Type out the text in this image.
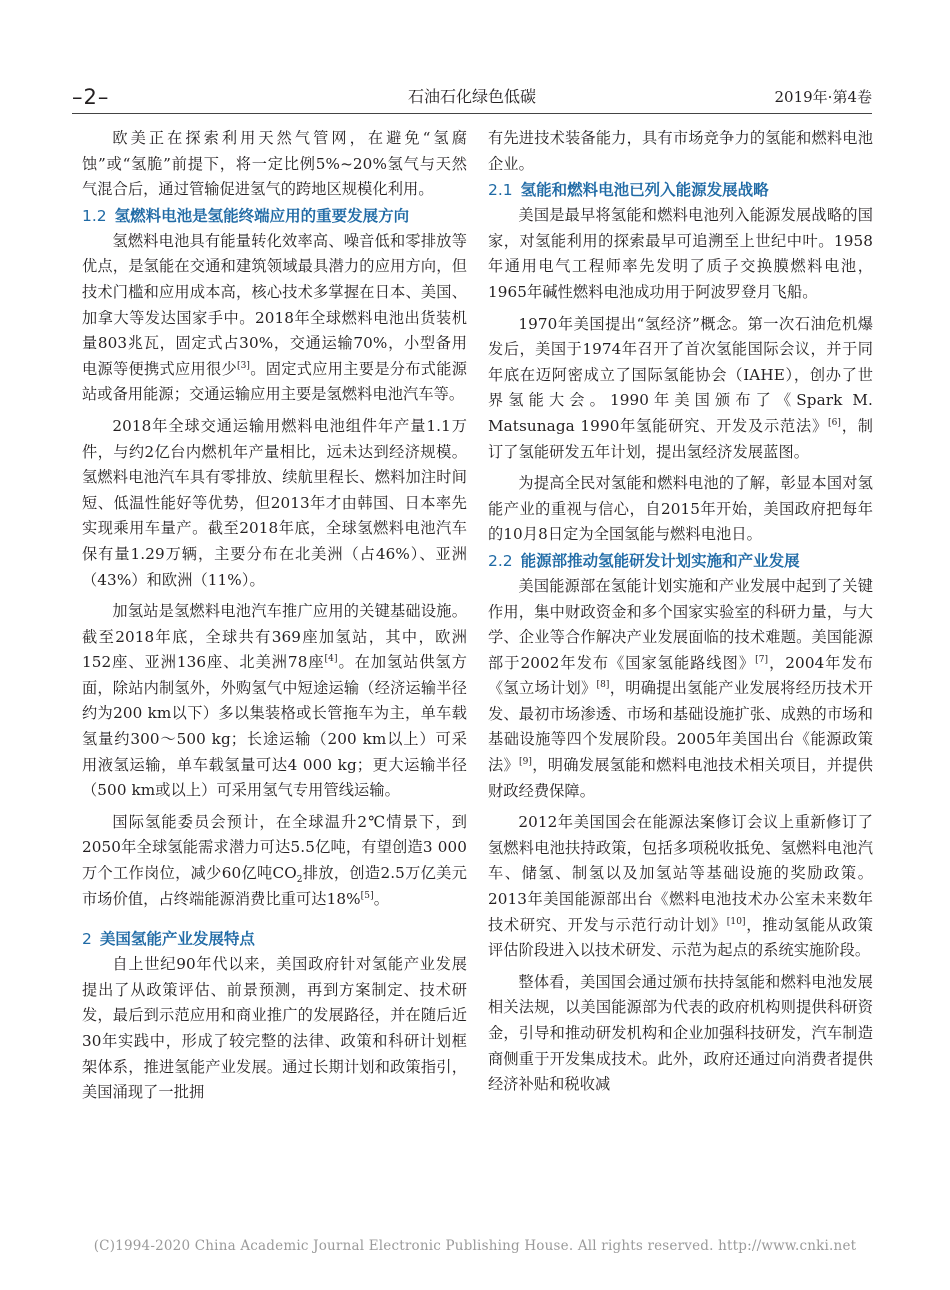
–2–	石油石化绿色低碳	2019年·第4卷

欧美正在探索利用天然气管网，在避免“氢腐蚀”或“氢脆”前提下，将一定比例5%~20%氢气与天然气混合后，通过管输促进氢气的跨地区规模化利用。

1.2 氢燃料电池是氢能终端应用的重要发展方向

氢燃料电池具有能量转化效率高、噪音低和零排放等优点，是氢能在交通和建筑领域最具潜力的应用方向，但技术门槛和应用成本高，核心技术多掌握在日本、美国、加拿大等发达国家手中。2018年全球燃料电池出货装机量803兆瓦，固定式占30%，交通运输70%，小型备用电源等便携式应用很少[3]。固定式应用主要是分布式能源站或备用能源；交通运输应用主要是氢燃料电池汽车等。

2018年全球交通运输用燃料电池组件年产量1.1万件，与约2亿台内燃机年产量相比，远未达到经济规模。氢燃料电池汽车具有零排放、续航里程长、燃料加注时间短、低温性能好等优势，但2013年才由韩国、日本率先实现乘用车量产。截至2018年底，全球氢燃料电池汽车保有量1.29万辆，主要分布在北美洲（占46%）、亚洲（43%）和欧洲（11%）。

加氢站是氢燃料电池汽车推广应用的关键基础设施。截至2018年底，全球共有369座加氢站，其中，欧洲152座、亚洲136座、北美洲78座[4]。在加氢站供氢方面，除站内制氢外，外购氢气中短途运输（经济运输半径约为200 km以下）多以集装格或长管拖车为主，单车载氢量约300～500 kg；长途运输（200 km以上）可采用液氢运输，单车载氢量可达4 000 kg；更大运输半径（500 km或以上）可采用氢气专用管线运输。

国际氢能委员会预计，在全球温升2℃情景下，到2050年全球氢能需求潜力可达5.5亿吨，有望创造3 000万个工作岗位，减少60亿吨$CO_2$排放，创造2.5万亿美元市场价值，占终端能源消费比重可达18%[5]。

2 美国氢能产业发展特点

自上世纪90年代以来，美国政府针对氢能产业发展提出了从政策评估、前景预测，再到方案制定、技术研发，最后到示范应用和商业推广的发展路径，并在随后近30年实践中，形成了较完整的法律、政策和科研计划框架体系，推进氢能产业发展。通过长期计划和政策指引，美国涌现了一批拥

有先进技术装备能力，具有市场竞争力的氢能和燃料电池企业。

2.1 氢能和燃料电池已列入能源发展战略

美国是最早将氢能和燃料电池列入能源发展战略的国家，对氢能利用的探索最早可追溯至上世纪中叶。1958年通用电气工程师率先发明了质子交换膜燃料电池，1965年碱性燃料电池成功用于阿波罗登月飞船。

1970年美国提出“氢经济”概念。第一次石油危机爆发后，美国于1974年召开了首次氢能国际会议，并于同年底在迈阿密成立了国际氢能协会（IAHE），创办了世界氢能大会。1990年美国颁布了《Spark M. Matsunaga 1990年氢能研究、开发及示范法》[6]，制订了氢能研发五年计划，提出氢经济发展蓝图。

为提高全民对氢能和燃料电池的了解，彰显本国对氢能产业的重视与信心，自2015年开始，美国政府把每年的10月8日定为全国氢能与燃料电池日。

2.2 能源部推动氢能研发计划实施和产业发展

美国能源部在氢能计划实施和产业发展中起到了关键作用，集中财政资金和多个国家实验室的科研力量，与大学、企业等合作解决产业发展面临的技术难题。美国能源部于2002年发布《国家氢能路线图》[7]，2004年发布《氢立场计划》[8]，明确提出氢能产业发展将经历技术开发、最初市场渗透、市场和基础设施扩张、成熟的市场和基础设施等四个发展阶段。2005年美国出台《能源政策法》[9]，明确发展氢能和燃料电池技术相关项目，并提供财政经费保障。

2012年美国国会在能源法案修订会议上重新修订了氢燃料电池扶持政策，包括多项税收抵免、氢燃料电池汽车、储氢、制氢以及加氢站等基础设施的奖励政策。2013年美国能源部出台《燃料电池技术办公室未来数年技术研究、开发与示范行动计划》[10]，推动氢能从政策评估阶段进入以技术研发、示范为起点的系统实施阶段。

整体看，美国国会通过颁布扶持氢能和燃料电池发展相关法规，以美国能源部为代表的政府机构则提供科研资金，引导和推动研发机构和企业加强科技研发，汽车制造商侧重于开发集成技术。此外，政府还通过向消费者提供经济补贴和税收减

(C)1994-2020 China Academic Journal Electronic Publishing House. All rights reserved. http://www.cnki.net
